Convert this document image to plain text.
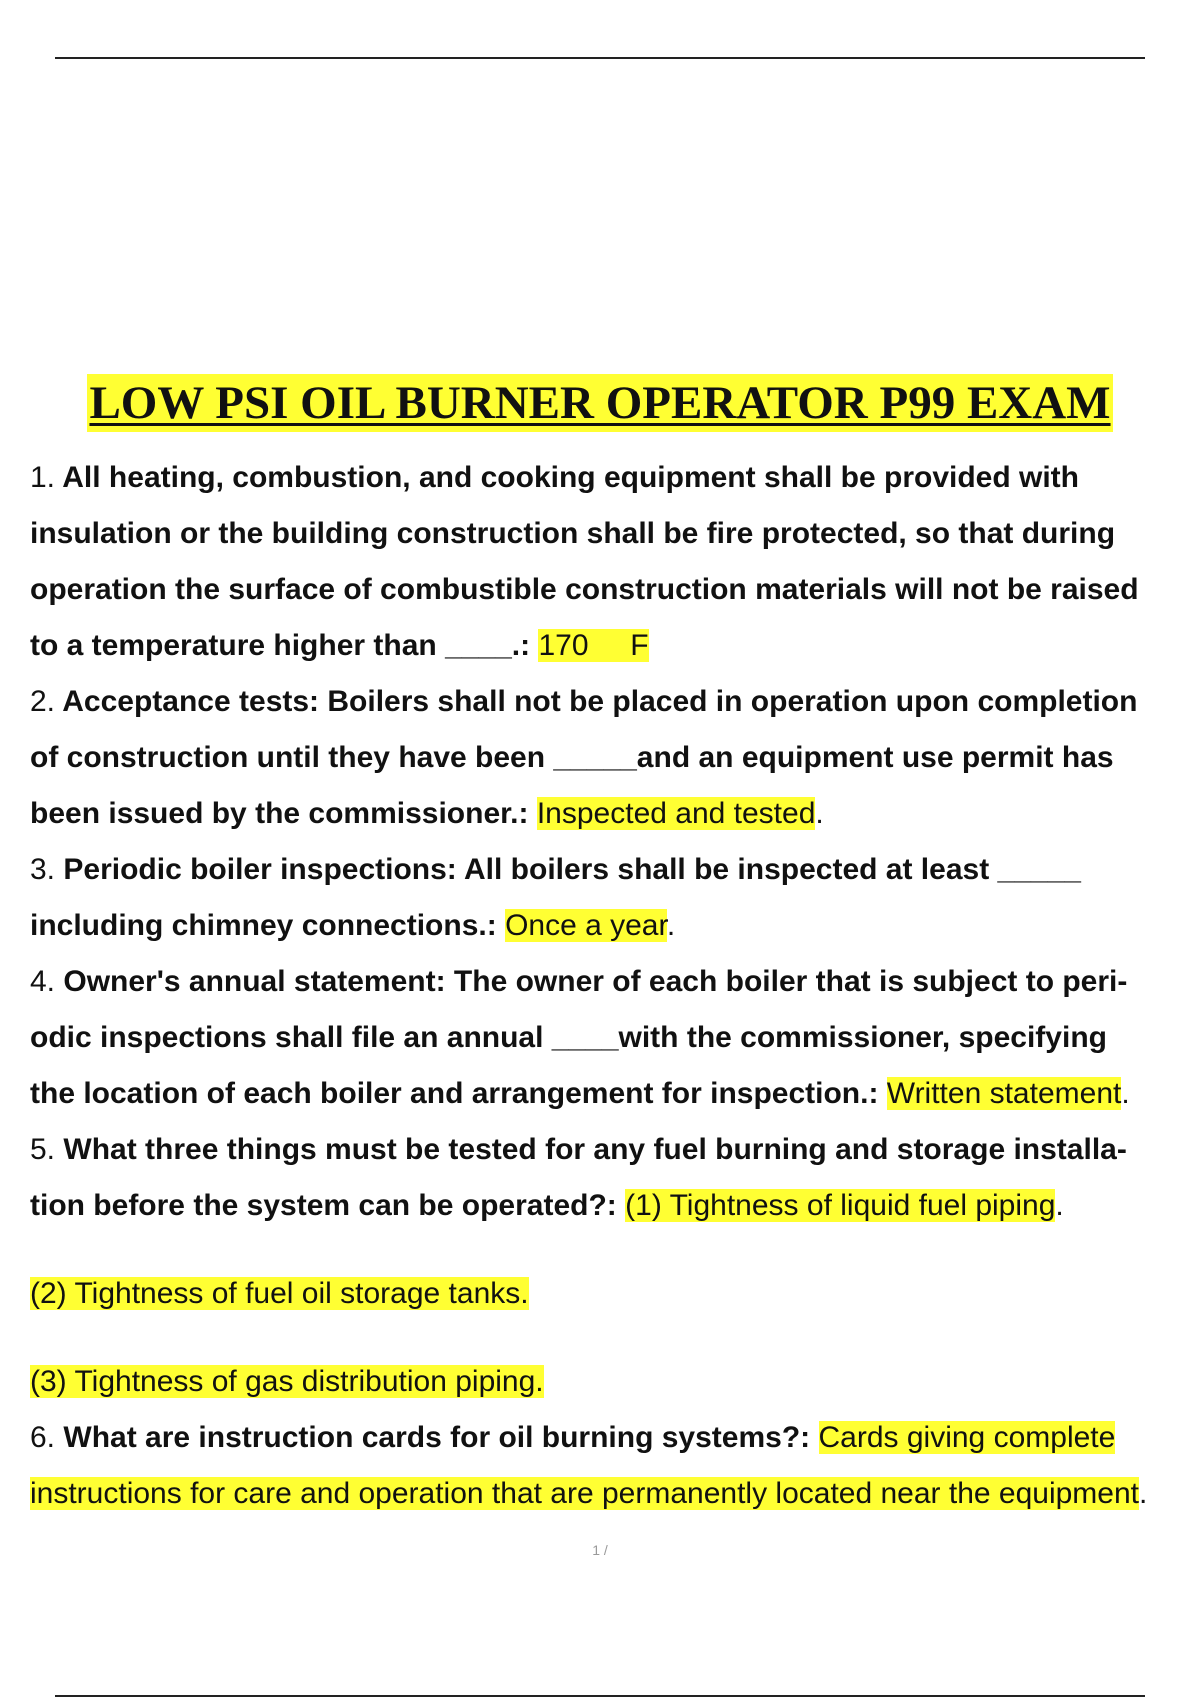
LOW PSI OIL BURNER OPERATOR P99 EXAM
1. All heating, combustion, and cooking equipment shall be provided with
insulation or the building construction shall be fire protected, so that during
operation the surface of combustible construction materials will not be raised
to a temperature higher than ____.: 170     F
2. Acceptance tests: Boilers shall not be placed in operation upon completion
of construction until they have been _____and an equipment use permit has
been issued by the commissioner.: Inspected and tested.
3. Periodic boiler inspections: All boilers shall be inspected at least _____
including chimney connections.: Once a year.
4. Owner's annual statement: The owner of each boiler that is subject to peri-
odic inspections shall file an annual ____with the commissioner, specifying
the location of each boiler and arrangement for inspection.: Written statement.
5. What three things must be tested for any fuel burning and storage installa-
tion before the system can be operated?: (1) Tightness of liquid fuel piping.
(2) Tightness of fuel oil storage tanks.
(3) Tightness of gas distribution piping.
6. What are instruction cards for oil burning systems?: Cards giving complete
instructions for care and operation that are permanently located near the equipment.
1 /
